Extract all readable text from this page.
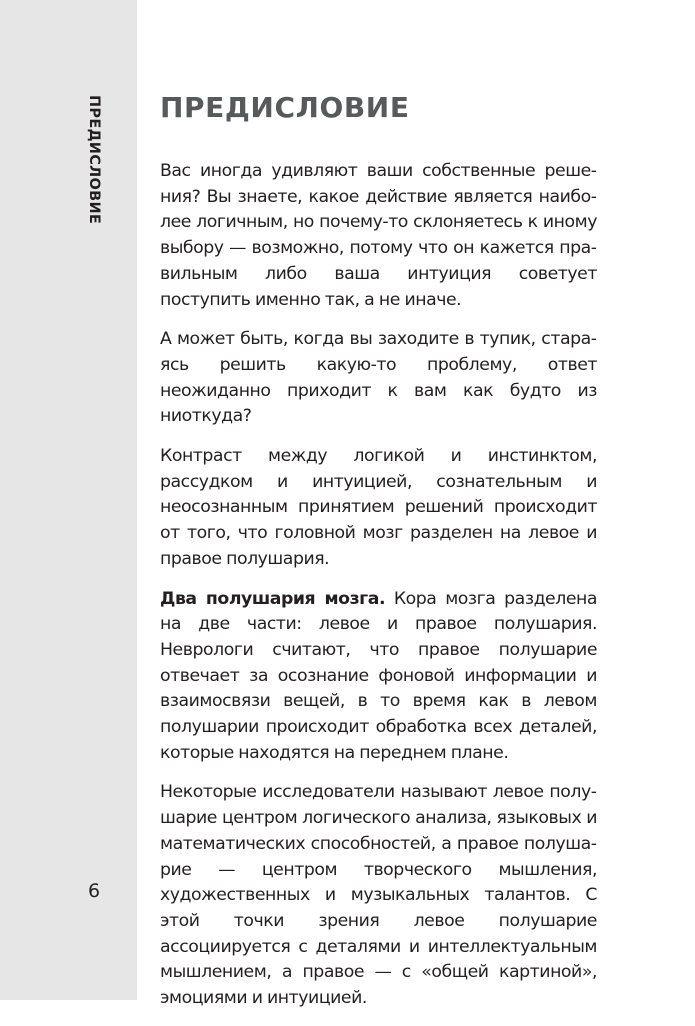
ПРЕДИСЛОВИЕ
6
ПРЕДИСЛОВИЕ

Вас иногда удивляют ваши собственные решения? Вы знаете, какое действие является наиболее логичным, но почему-то склоняетесь к иному выбору — возможно, потому что он кажется правильным либо ваша интуиция советует поступить именно так, а не иначе.

А может быть, когда вы заходите в тупик, стараясь решить какую-то проблему, ответ неожиданно приходит к вам как будто из ниоткуда?

Контраст между логикой и инстинктом, рассудком и интуицией, сознательным и неосознанным принятием решений происходит от того, что головной мозг разделен на левое и правое полушария.

Два полушария мозга. Кора мозга разделена на две части: левое и правое полушария. Неврологи считают, что правое полушарие отвечает за осознание фоновой информации и взаимосвязи вещей, в то время как в левом полушарии происходит обработка всех деталей, которые находятся на переднем плане.

Некоторые исследователи называют левое полушарие центром логического анализа, языковых и математических способностей, а правое полушарие — центром творческого мышления, художественных и музыкальных талантов. С этой точки зрения левое полушарие ассоциируется с деталями и интеллектуальным мышлением, а правое — с «общей картиной», эмоциями и интуицией.
